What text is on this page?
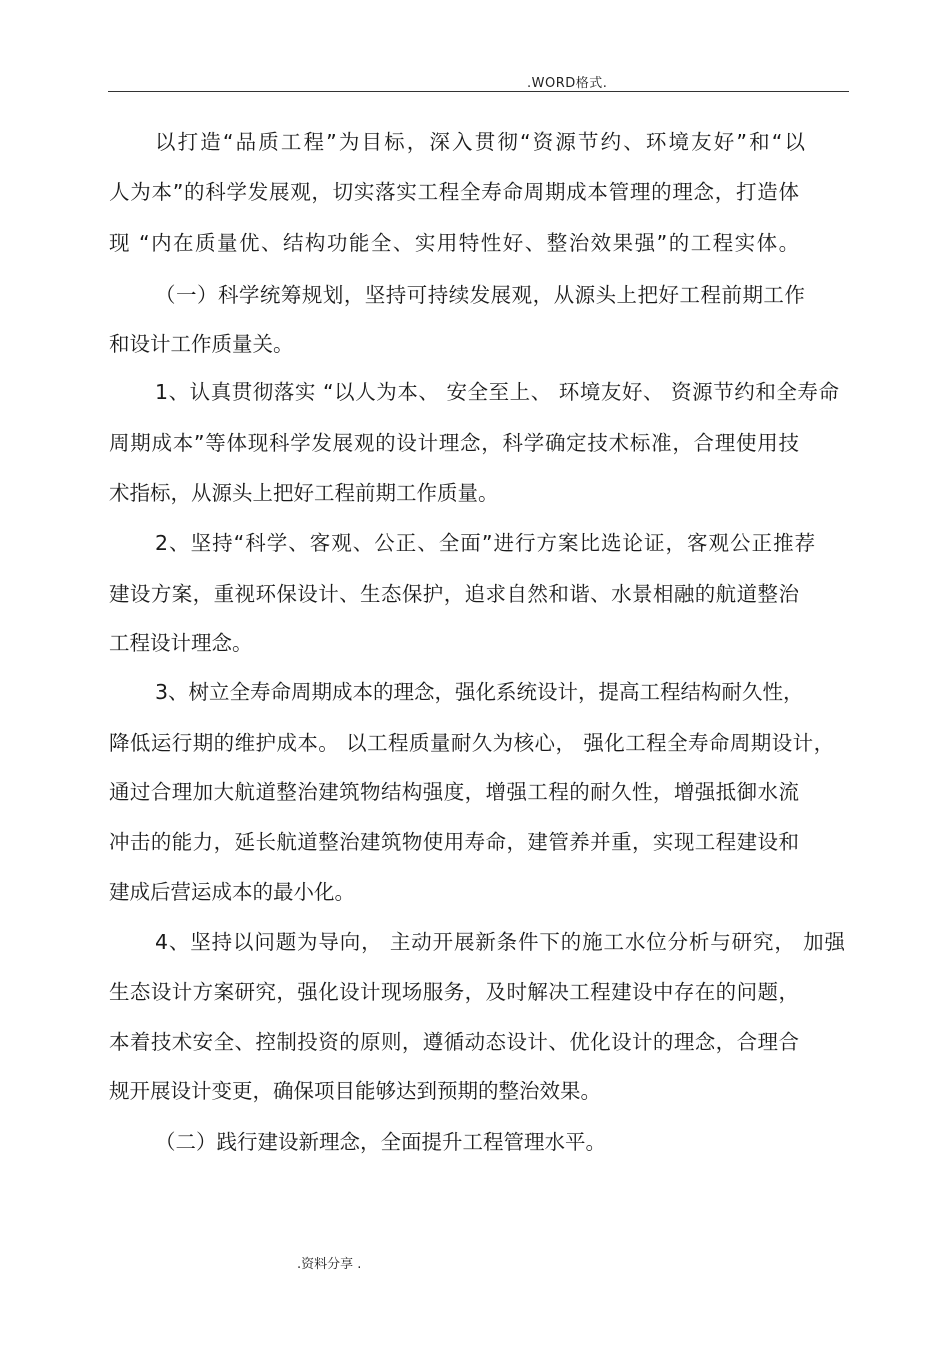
.WORD格式.
以打造“品质工程”为目标，深入贯彻“资源节约、环境友好”和“以
人为本”的科学发展观，切实落实工程全寿命周期成本管理的理念，打造体
现 “内在质量优、结构功能全、实用特性好、整治效果强”的工程实体。
（一）科学统筹规划，坚持可持续发展观，从源头上把好工程前期工作
和设计工作质量关。
1、认真贯彻落实 “以人为本、 安全至上、 环境友好、 资源节约和全寿命
周期成本”等体现科学发展观的设计理念，科学确定技术标准，合理使用技
术指标，从源头上把好工程前期工作质量。
2、坚持“科学、客观、公正、全面”进行方案比选论证，客观公正推荐
建设方案，重视环保设计、生态保护，追求自然和谐、水景相融的航道整治
工程设计理念。
3、树立全寿命周期成本的理念，强化系统设计，提高工程结构耐久性，
降低运行期的维护成本。 以工程质量耐久为核心， 强化工程全寿命周期设计，
通过合理加大航道整治建筑物结构强度，增强工程的耐久性，增强抵御水流
冲击的能力，延长航道整治建筑物使用寿命，建管养并重，实现工程建设和
建成后营运成本的最小化。
4、坚持以问题为导向， 主动开展新条件下的施工水位分析与研究， 加强
生态设计方案研究，强化设计现场服务，及时解决工程建设中存在的问题，
本着技术安全、控制投资的原则，遵循动态设计、优化设计的理念，合理合
规开展设计变更，确保项目能够达到预期的整治效果。
（二）践行建设新理念，全面提升工程管理水平。
.资料分享 .
